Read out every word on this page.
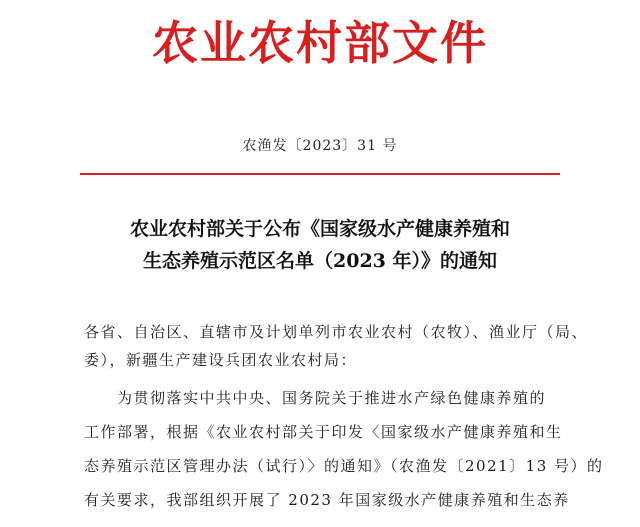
农业农村部文件
农渔发〔2023〕31 号
农业农村部关于公布《国家级水产健康养殖和
生态养殖示范区名单（2023 年）》的通知
各省、自治区、直辖市及计划单列市农业农村（农牧）、渔业厅（局、
委），新疆生产建设兵团农业农村局：
　　为贯彻落实中共中央、国务院关于推进水产绿色健康养殖的
工作部署，根据《农业农村部关于印发〈国家级水产健康养殖和生
态养殖示范区管理办法（试行）〉的通知》（农渔发〔2021〕13 号）的
有关要求，我部组织开展了 2023 年国家级水产健康养殖和生态养
